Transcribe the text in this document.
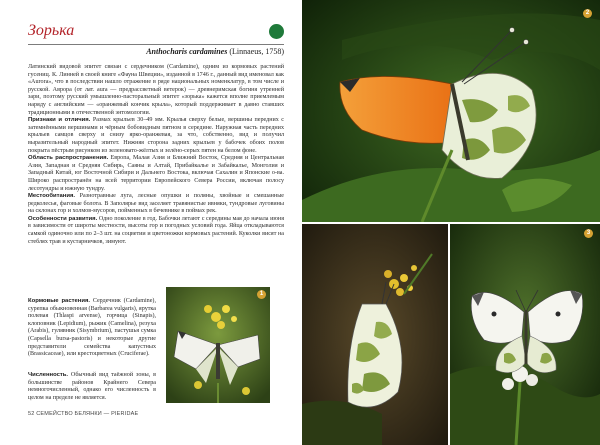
Зорька
Anthocharis cardamines (Linnaeus, 1758)

Латинский видовой эпитет связан с сердечником (Cardamine), одним из кормовых растений гусениц. К. Линней в своей книге «Фауна Швеции», изданной в 1746 г., данный вид именовал как «Аurоrа», что в последствии нашло отражение в ряде национальных номенклатур, в том числе и русской. Аврора (от лат. aura — предрассветный ветерок) — древнеримская богиня утренней зари, поэтому русский умышленно-пасторальный эпитет «зорька» кажется вполне приемлемым наряду с английским — «оранжевый кончик крыла», который поддерживает в давно ставших традиционными в отечественной энтомологии.

Признаки и отличия. Размах крыльев 30–49 мм. Крылья сверху белые, вершины передних с затемнёнными вершинами и чёрным бобовидным пятном в середине. Наружная часть передних крыльев самцов сверху и снизу ярко-оранжевая, за что, собственно, вид и получил выразительный народный эпитет. Нижняя сторона задних крыльев у бабочек обоих полов покрыта пёстрым рисунком из зеленовато-жёлтых и зелёно-серых пятен на белом фоне.

Область распространения. Европа, Малая Азия и Ближний Восток, Средняя и Центральная Азия, Западная и Средняя Сибирь, Саяны и Алтай, Прибайкалье и Забайкалье, Монголия и Западный Китай, юг Восточной Сибири и Дальнего Востока, включая Сахалин и Японские о-ва. Широко распространён на всей территории Европейского Севера России, включая полосу лесотундры и южную тундру.

Местообитания. Разнотравные луга, лесные опушки и поляны, хвойные и смешанные редколесья, фаговые болота. В Заполярье вид заселяет травянистые ивняки, тундровые луговины на склонах гор и холмов-мусоров, пойменных в бечевнике в поймах рек.

Особенности развития. Одно поколение в год. Бабочки летают с середины мая до начала июня в зависимости от широты местности, высоты гор и погодных условий года. Яйца откладываются самкой одиночно или по 2–3 шт. на соцветии и цветоножки кормовых растений. Куколки висят на стеблях трав и кустарничков, зимуют.

Кормовые растения. Сердечник (Cardamine), сурепка обыкновенная (Barbarea vulgaris), ярутка полевая (Thlaspi arvense), горчица (Sinapis), клоповник (Lepidium), рыжик (Camelina), резуха (Arabis), гулявник (Sisymbrium), пастушья сумка (Capsella bursa-pastoris) и некоторые другие представители семейства капустных (Brassicaceae), или крестоцветных (Cruciferae).
Численность. Обычный вид таёжной зоны, в большинстве районов Крайнего Севера немногочисленный, однако его численность в целом на пределе не является.
1
52 СЕМЕЙСТВО БЕЛЯНКИ — PIERIDAE
2
3
